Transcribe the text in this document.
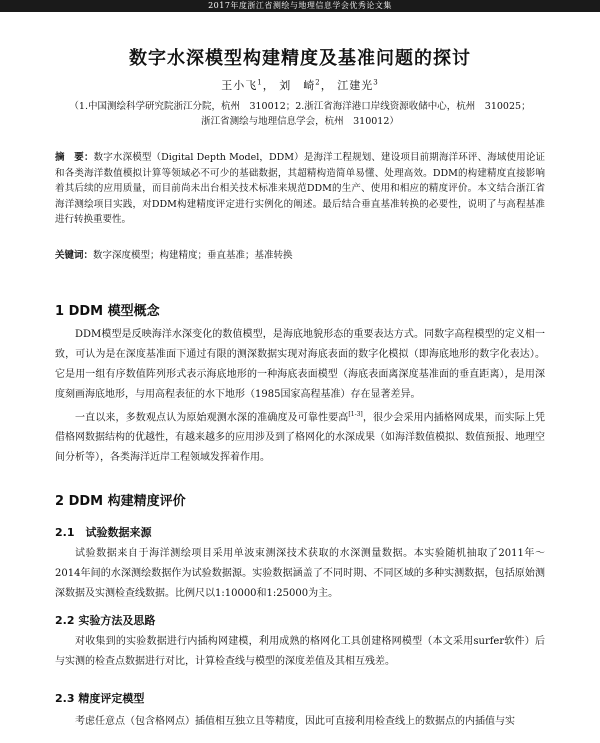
2017年度浙江省测绘与地理信息学会优秀论文集
数字水深模型构建精度及基准问题的探讨
王小飞$^1$， 刘　崎$^2$， 江建光$^3$
（1.中国测绘科学研究院浙江分院，杭州　310012；2.浙江省海洋港口岸线资源收储中心，杭州　310025；
浙江省测绘与地理信息学会，杭州　310012）
摘　要：数字水深模型（Digital Depth Model，DDM）是海洋工程规划、建设项目前期海洋环评、海域使用论证和各类海洋数值模拟计算等领域必不可少的基础数据，其超精构造简单易懂、处理高效。DDM的构建精度直接影响着其后续的应用质量，而目前尚未出台相关技术标准来规范DDM的生产、使用和相应的精度评价。本文结合浙江省海洋测绘项目实践，对DDM构建精度评定进行实例化的阐述。最后结合垂直基准转换的必要性，说明了与高程基准进行转换重要性。
关键词：数字深度模型；构建精度；垂直基准；基准转换
1 DDM 模型概念
DDM模型是反映海洋水深变化的数值模型，是海底地貌形态的重要表达方式。同数字高程模型的定义相一致，可认为是在深度基准面下通过有限的测深数据实现对海底表面的数字化模拟（即海底地形的数字化表达）。它是用一组有序数值阵列形式表示海底地形的一种海底表面模型（海底表面离深度基准面的垂直距离），是用深度刻画海底地形，与用高程表征的水下地形（1985国家高程基准）存在显著差异。
一直以来，多数观点认为原始观测水深的准确度及可靠性要高[1-3]，很少会采用内插格网成果，而实际上凭借格网数据结构的优越性，有越来越多的应用涉及到了格网化的水深成果（如海洋数值模拟、数值预报、地理空间分析等），各类海洋近岸工程领域发挥着作用。
2 DDM 构建精度评价
2.1　试验数据来源
试验数据来自于海洋测绘项目采用单波束测深技术获取的水深测量数据。本实验随机抽取了2011年～2014年间的水深测绘数据作为试验数据源。实验数据涵盖了不同时期、不同区域的多种实测数据，包括原始测深数据及实测检查线数据。比例尺以1:10000和1:25000为主。
2.2 实验方法及思路
对收集到的实验数据进行内插构网建模，利用成熟的格网化工具创建格网模型（本文采用surfer软件）后与实测的检查点数据进行对比，计算检查线与模型的深度差值及其相互残差。
2.3 精度评定模型
考虑任意点（包含格网点）插值相互独立且等精度，因此可直接利用检查线上的数据点的内插值与实
